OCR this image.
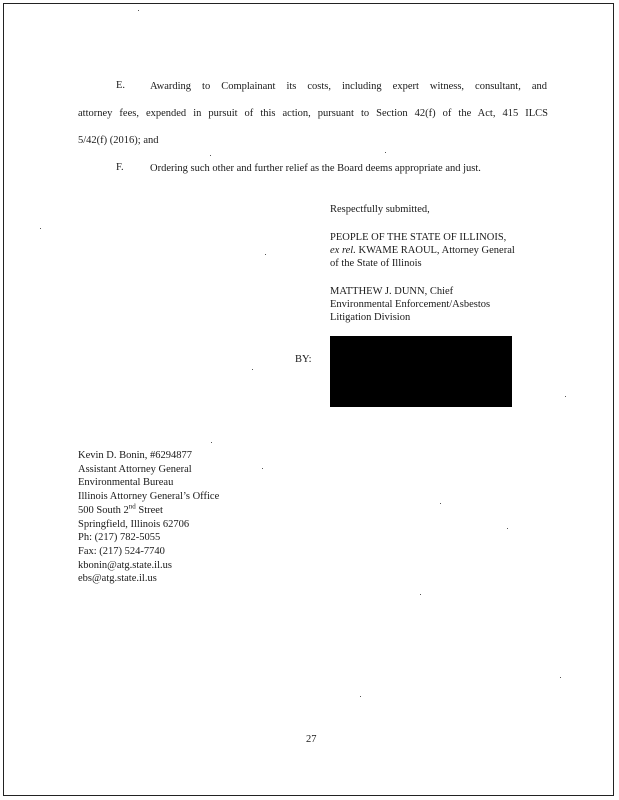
E. Awarding to Complainant its costs, including expert witness, consultant, and
attorney fees, expended in pursuit of this action, pursuant to Section 42(f) of the Act, 415 ILCS
5/42(f) (2016); and
F.	Ordering such other and further relief as the Board deems appropriate and just.
Respectfully submitted,
PEOPLE OF THE STATE OF ILLINOIS,
ex rel. KWAME RAOUL, Attorney General
of the State of Illinois
MATTHEW J. DUNN, Chief
Environmental Enforcement/Asbestos
Litigation Division
BY:
Kevin D. Bonin, #6294877
Assistant Attorney General
Environmental Bureau
Illinois Attorney General’s Office
500 South 2nd Street
Springfield, Illinois 62706
Ph: (217) 782-5055
Fax: (217) 524-7740
kbonin@atg.state.il.us
ebs@atg.state.il.us
27
